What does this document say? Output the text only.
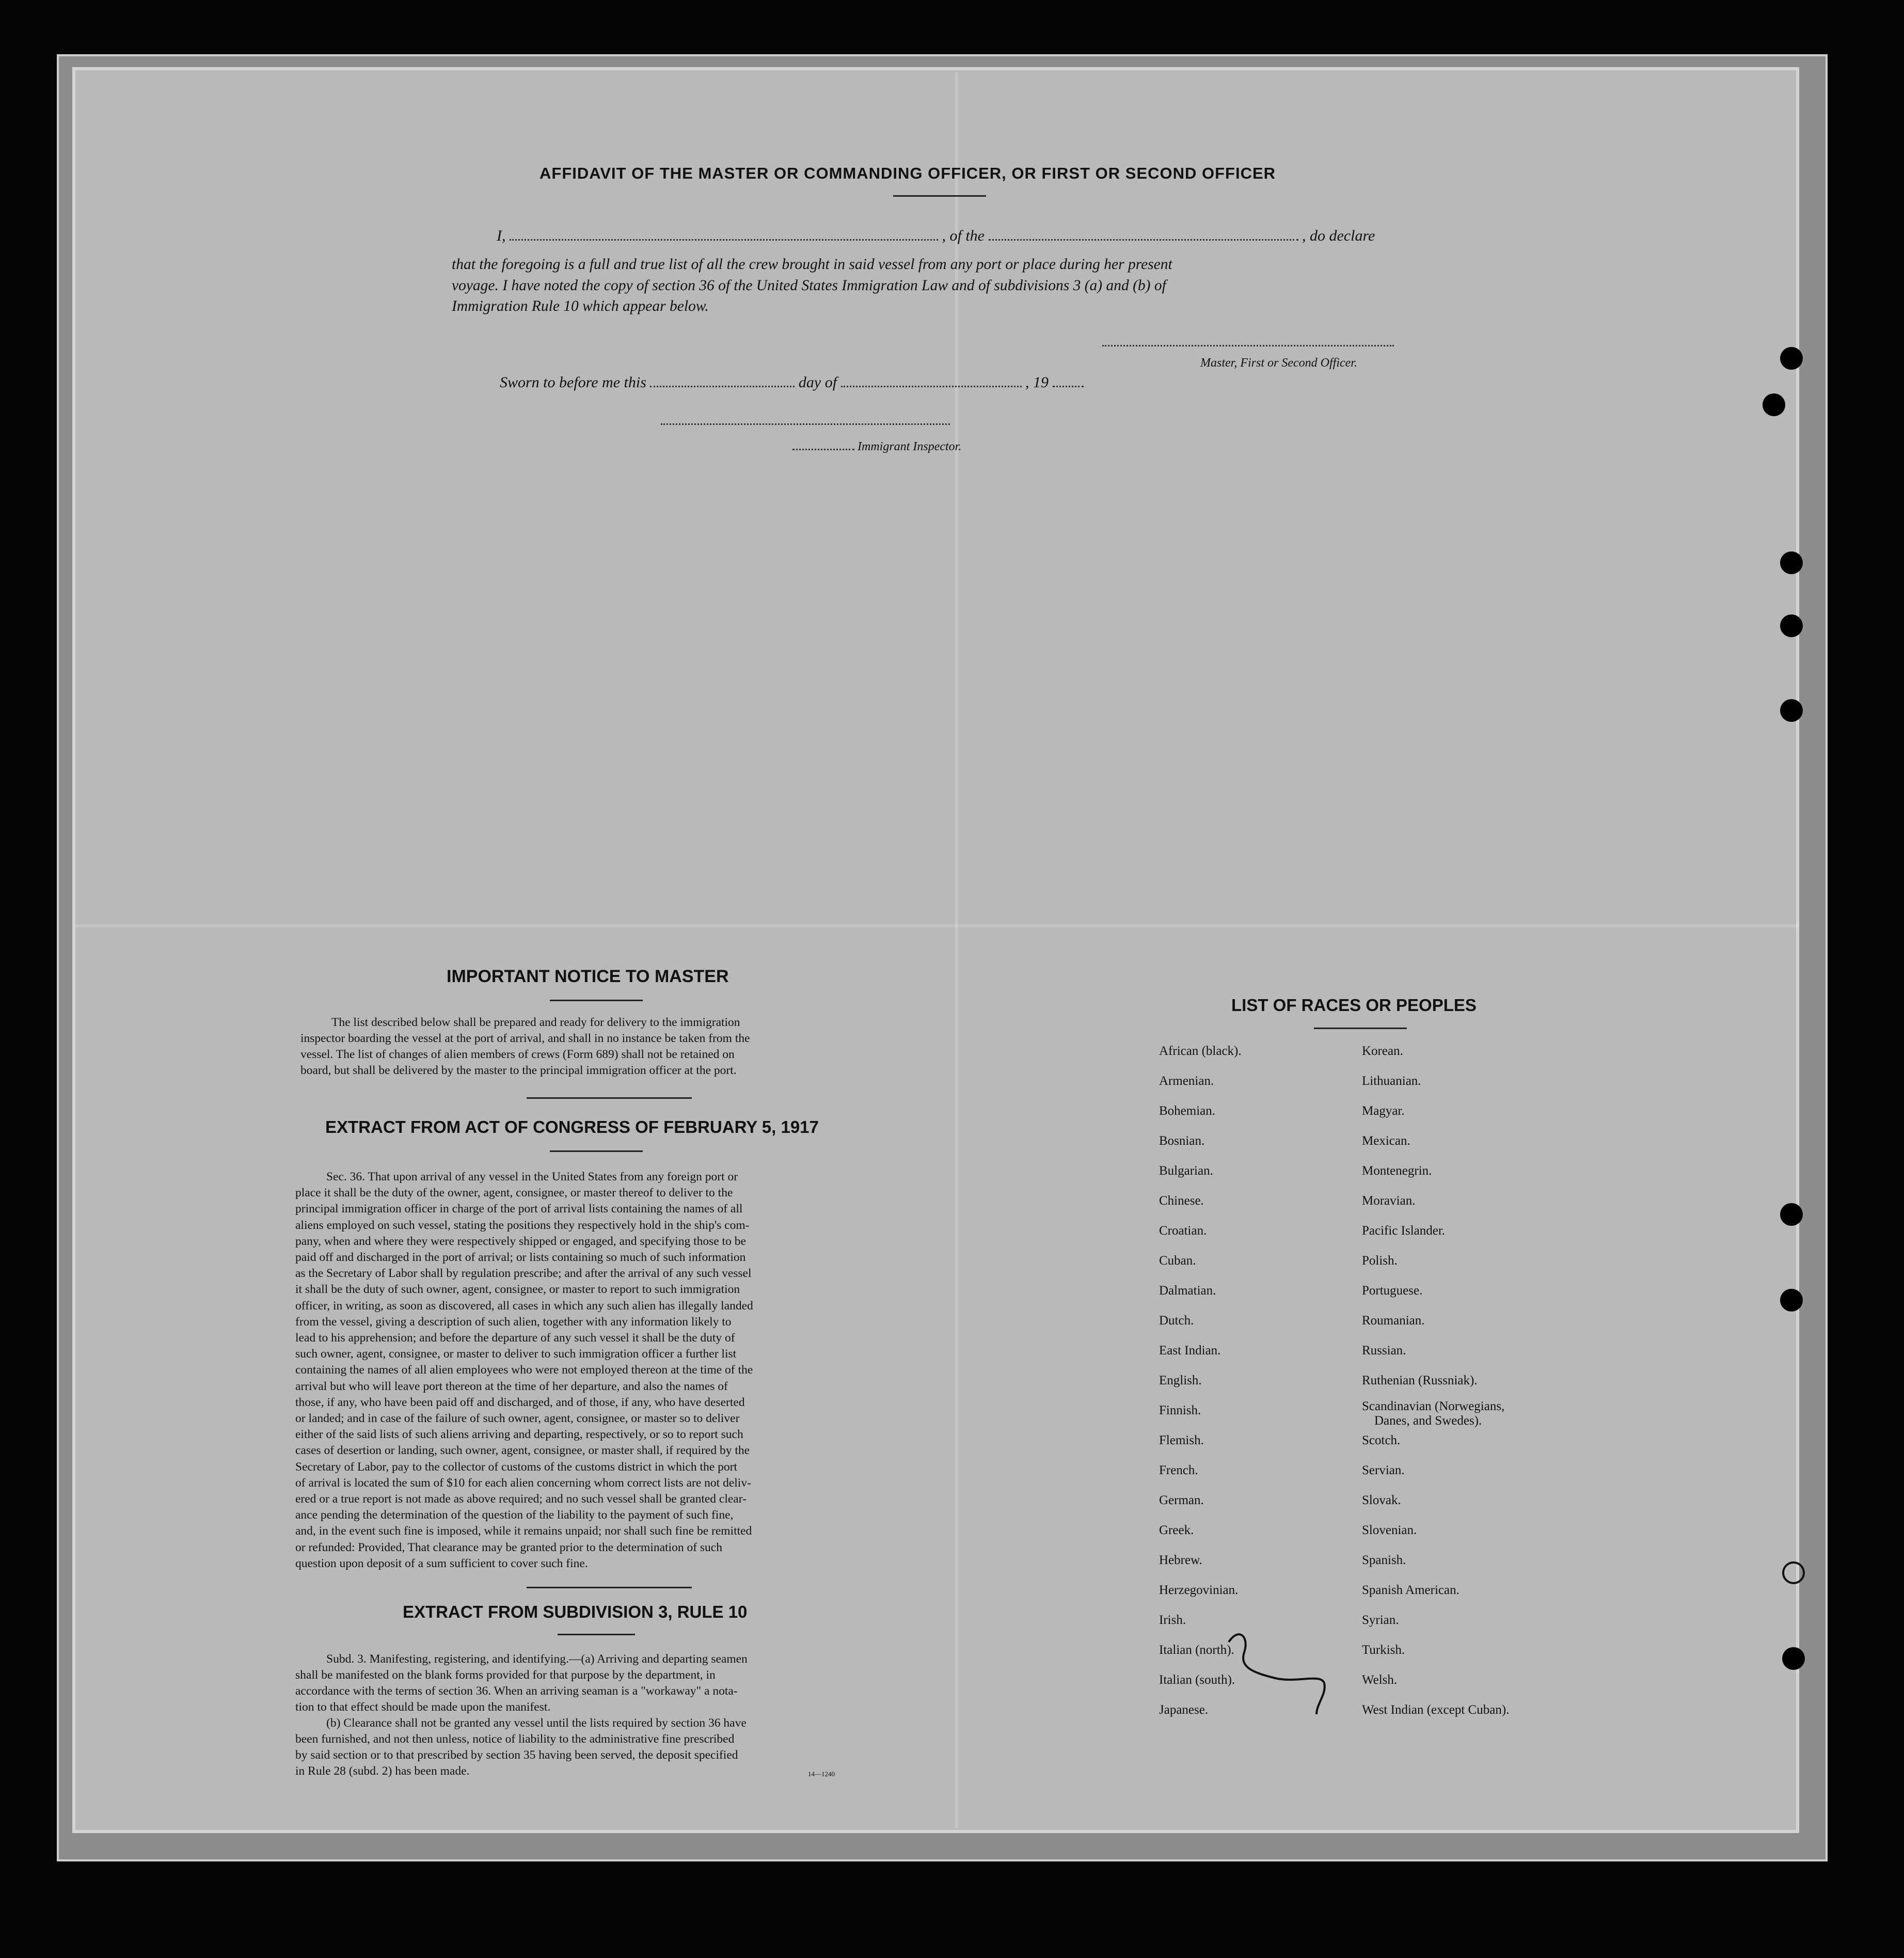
AFFIDAVIT OF THE MASTER OR COMMANDING OFFICER, OR FIRST OR SECOND OFFICER
I,	, of the	, do declare
that the foregoing is a full and true list of all the crew brought in said vessel from any port or place during her present
voyage. I have noted the copy of section 36 of the United States Immigration Law and of subdivisions 3 (a) and (b) of
Immigration Rule 10 which appear below.
Master, First or Second Officer.
Sworn to before me this	day of	, 19
Immigrant Inspector.
IMPORTANT NOTICE TO MASTER
The list described below shall be prepared and ready for delivery to the immigration
inspector boarding the vessel at the port of arrival, and shall in no instance be taken from the
vessel. The list of changes of alien members of crews (Form 689) shall not be retained on
board, but shall be delivered by the master to the principal immigration officer at the port.
EXTRACT FROM ACT OF CONGRESS OF FEBRUARY 5, 1917
Sec. 36. That upon arrival of any vessel in the United States from any foreign port or
place it shall be the duty of the owner, agent, consignee, or master thereof to deliver to the
principal immigration officer in charge of the port of arrival lists containing the names of all
aliens employed on such vessel, stating the positions they respectively hold in the ship's com-
pany, when and where they were respectively shipped or engaged, and specifying those to be
paid off and discharged in the port of arrival; or lists containing so much of such information
as the Secretary of Labor shall by regulation prescribe; and after the arrival of any such vessel
it shall be the duty of such owner, agent, consignee, or master to report to such immigration
officer, in writing, as soon as discovered, all cases in which any such alien has illegally landed
from the vessel, giving a description of such alien, together with any information likely to
lead to his apprehension; and before the departure of any such vessel it shall be the duty of
such owner, agent, consignee, or master to deliver to such immigration officer a further list
containing the names of all alien employees who were not employed thereon at the time of the
arrival but who will leave port thereon at the time of her departure, and also the names of
those, if any, who have been paid off and discharged, and of those, if any, who have deserted
or landed; and in case of the failure of such owner, agent, consignee, or master so to deliver
either of the said lists of such aliens arriving and departing, respectively, or so to report such
cases of desertion or landing, such owner, agent, consignee, or master shall, if required by the
Secretary of Labor, pay to the collector of customs of the customs district in which the port
of arrival is located the sum of $10 for each alien concerning whom correct lists are not deliv-
ered or a true report is not made as above required; and no such vessel shall be granted clear-
ance pending the determination of the question of the liability to the payment of such fine,
and, in the event such fine is imposed, while it remains unpaid; nor shall such fine be remitted
or refunded: Provided, That clearance may be granted prior to the determination of such
question upon deposit of a sum sufficient to cover such fine.
EXTRACT FROM SUBDIVISION 3, RULE 10
Subd. 3. Manifesting, registering, and identifying.—(a) Arriving and departing seamen
shall be manifested on the blank forms provided for that purpose by the department, in
accordance with the terms of section 36. When an arriving seaman is a "workaway" a nota-
tion to that effect should be made upon the manifest.
(b) Clearance shall not be granted any vessel until the lists required by section 36 have
been furnished, and not then unless, notice of liability to the administrative fine prescribed
by said section or to that prescribed by section 35 having been served, the deposit specified
in Rule 28 (subd. 2) has been made.	14—1240
LIST OF RACES OR PEOPLES
African (black).
Armenian.
Bohemian.
Bosnian.
Bulgarian.
Chinese.
Croatian.
Cuban.
Dalmatian.
Dutch.
East Indian.
English.
Finnish.
Flemish.
French.
German.
Greek.
Hebrew.
Herzegovinian.
Irish.
Italian (north).
Italian (south).
Japanese.
Korean.
Lithuanian.
Magyar.
Mexican.
Montenegrin.
Moravian.
Pacific Islander.
Polish.
Portuguese.
Roumanian.
Russian.
Ruthenian (Russniak).
Scandinavian (Norwegians,
Danes, and Swedes).
Scotch.
Servian.
Slovak.
Slovenian.
Spanish.
Spanish American.
Syrian.
Turkish.
Welsh.
West Indian (except Cuban).
